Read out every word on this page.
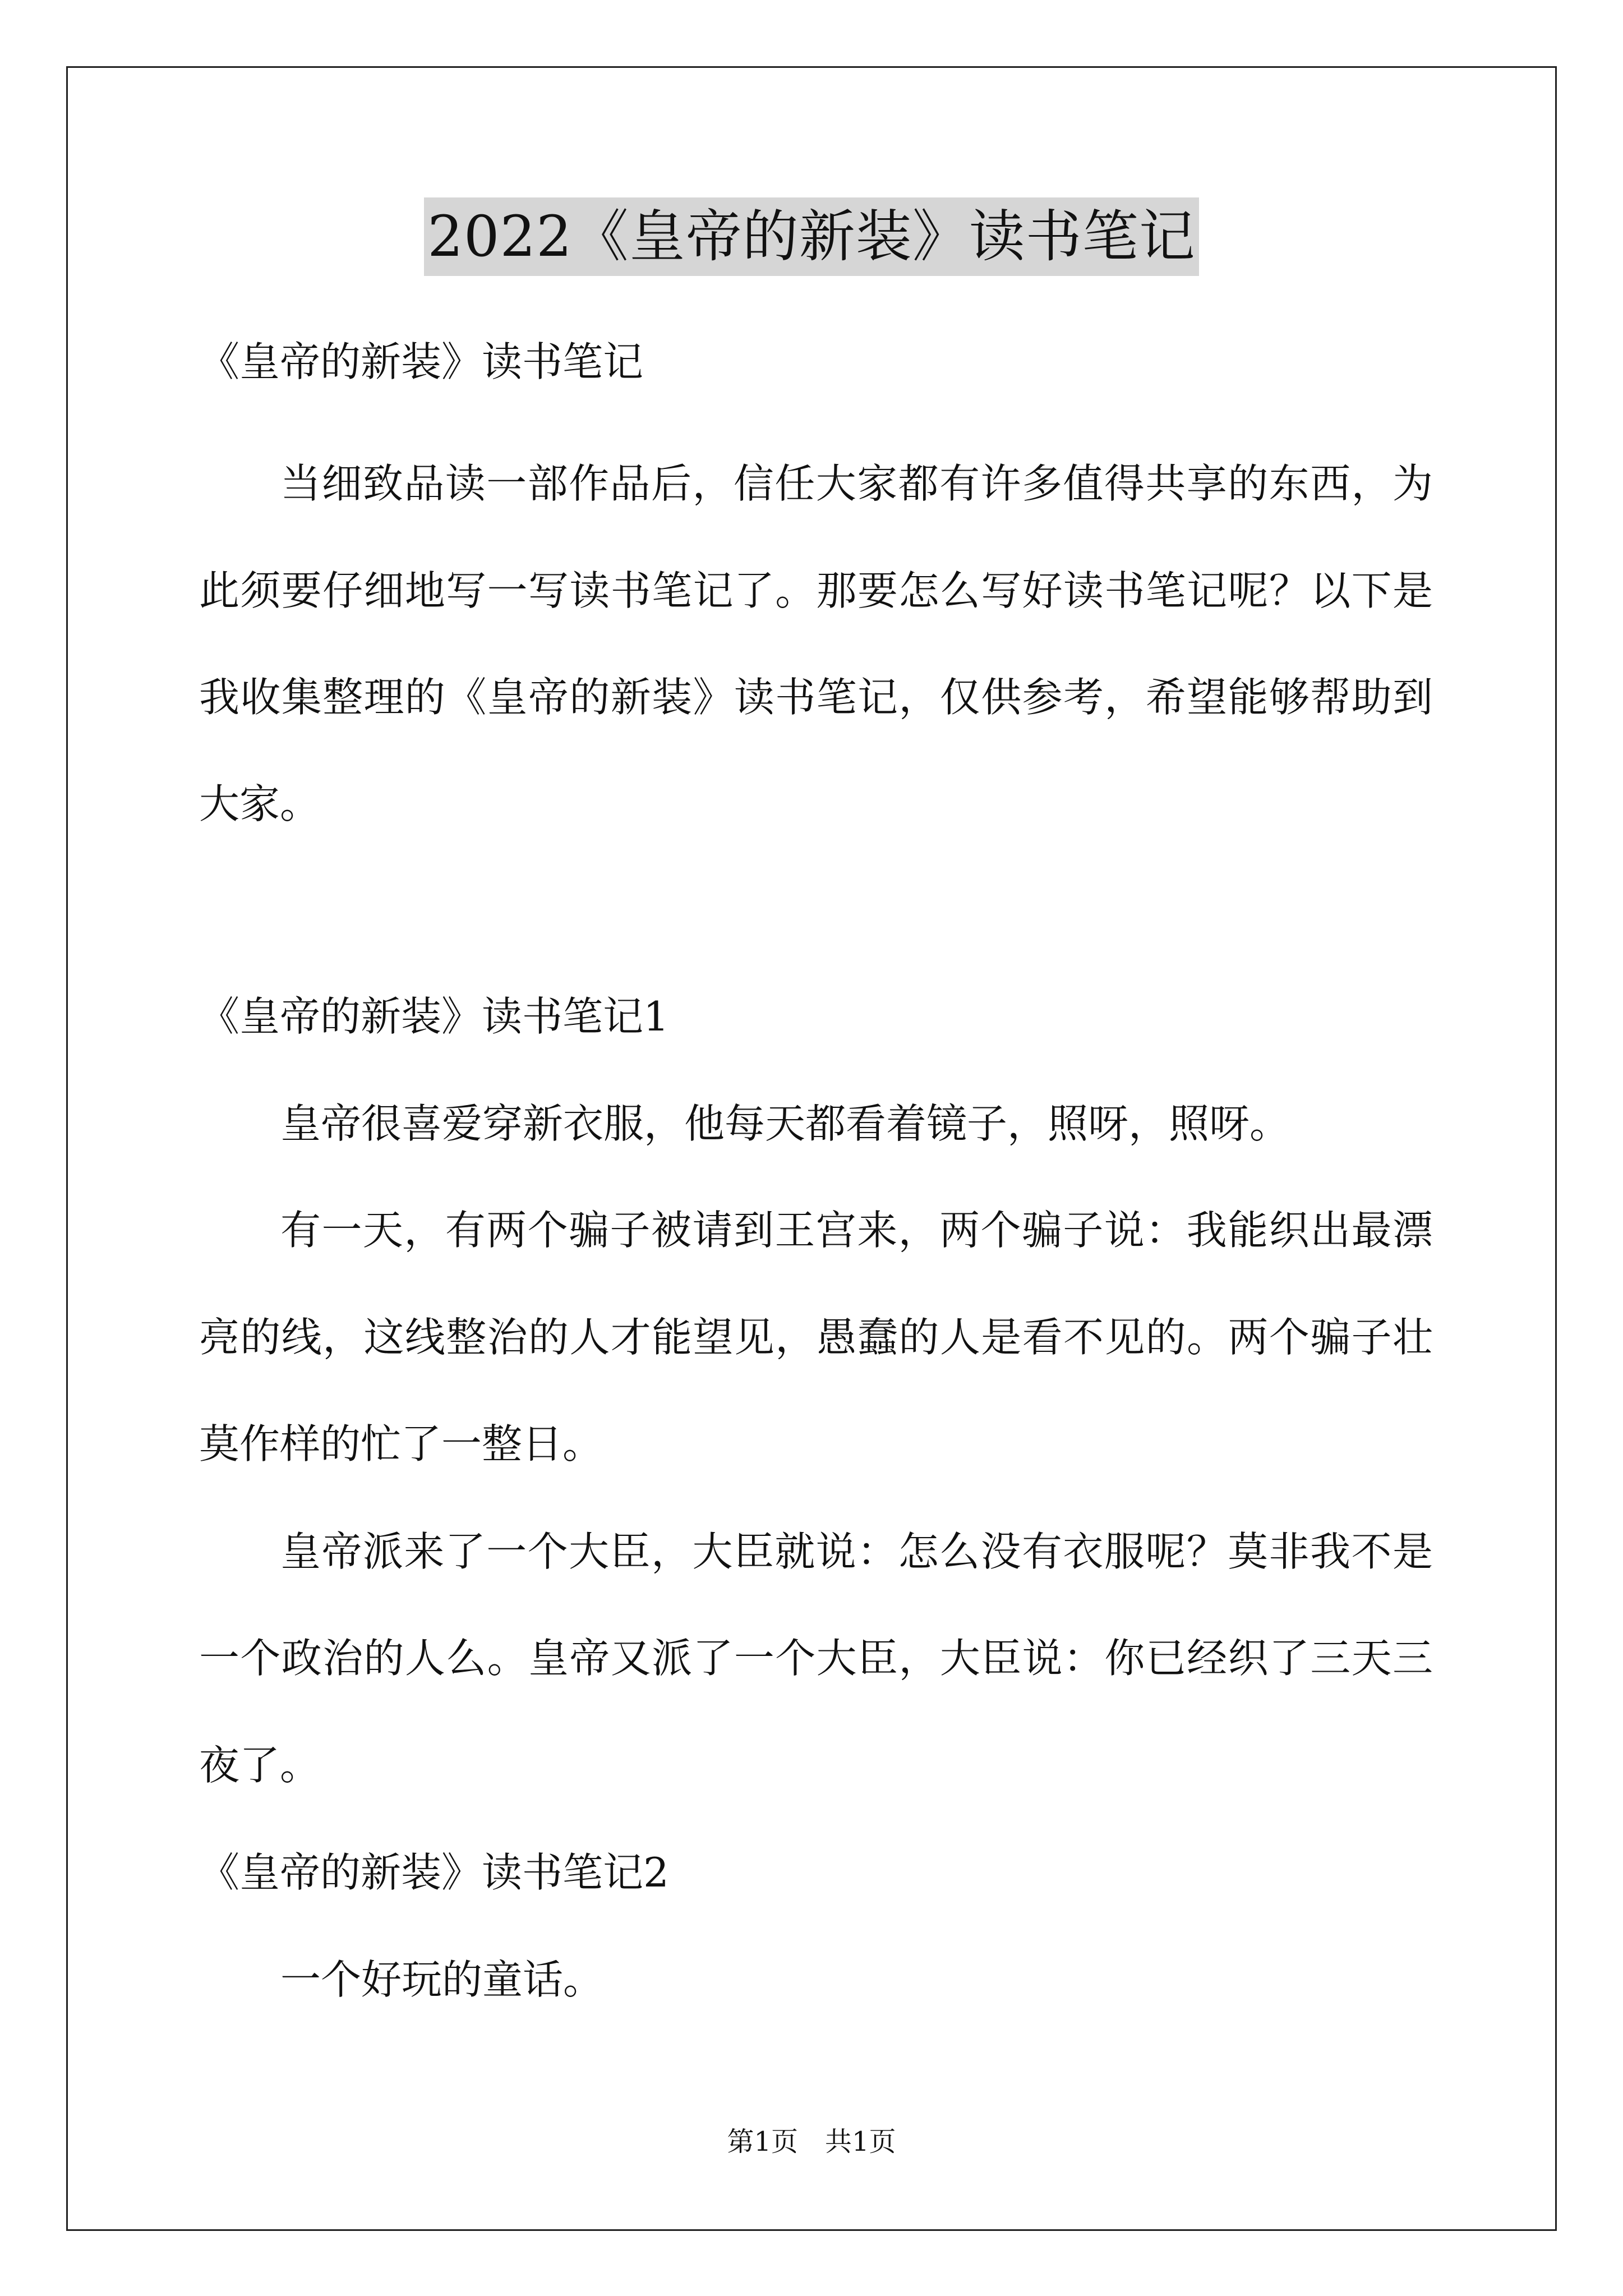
2022《皇帝的新装》读书笔记
《皇帝的新装》读书笔记
当细致品读一部作品后，信任大家都有许多值得共享的东西，为
此须要仔细地写一写读书笔记了。那要怎么写好读书笔记呢？以下是
我收集整理的《皇帝的新装》读书笔记，仅供参考，希望能够帮助到
大家。
《皇帝的新装》读书笔记1
皇帝很喜爱穿新衣服，他每天都看着镜子，照呀，照呀。
有一天，有两个骗子被请到王宫来，两个骗子说：我能织出最漂
亮的线，这线整治的人才能望见，愚蠢的人是看不见的。两个骗子壮
莫作样的忙了一整日。
皇帝派来了一个大臣，大臣就说：怎么没有衣服呢？莫非我不是
一个政治的人么。皇帝又派了一个大臣，大臣说：你已经织了三天三
夜了。
《皇帝的新装》读书笔记2
一个好玩的童话。
第1页　共1页
